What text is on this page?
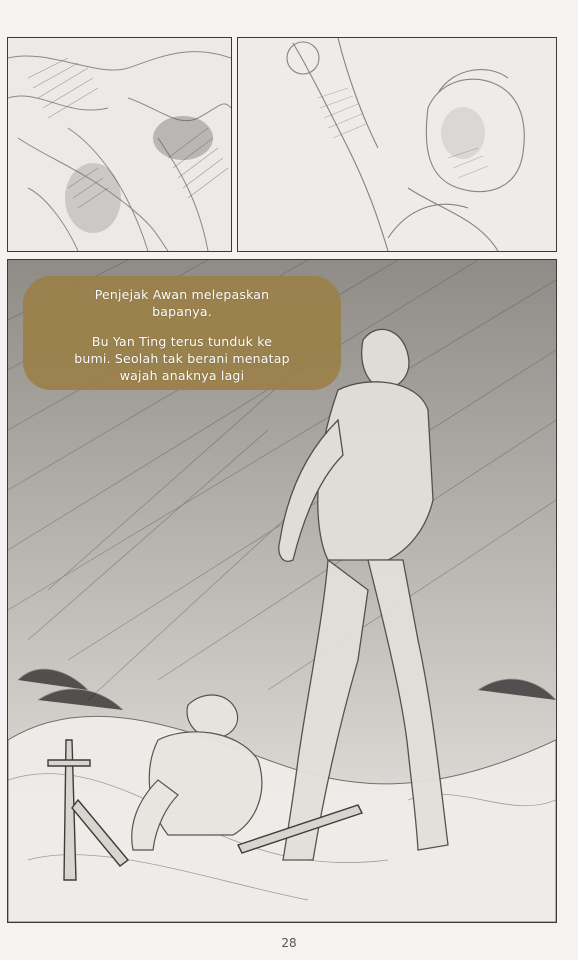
Penjejak Awan melepaskan

bapanya.

Bu Yan Ting terus tunduk ke

bumi. Seolah tak berani menatap

wajah anaknya lagi

28
